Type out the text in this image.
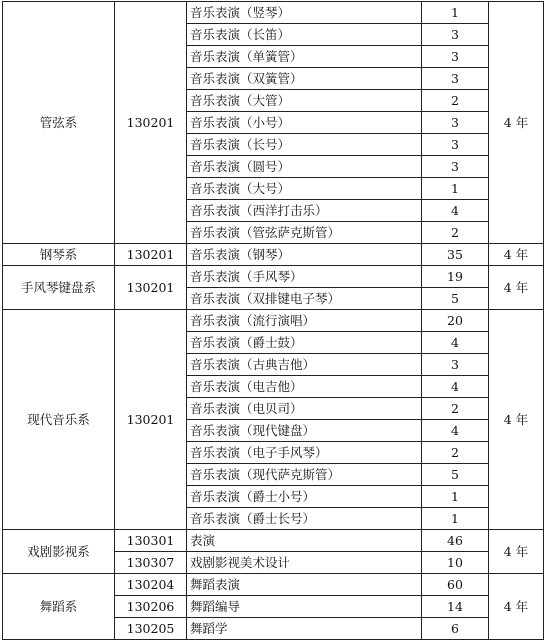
管弦系	130201	音乐表演（竖琴）	1	4 年
		音乐表演（长笛）	3	
		音乐表演（单簧管）	3	
		音乐表演（双簧管）	3	
		音乐表演（大管）	2	
		音乐表演（小号）	3	
		音乐表演（长号）	3	
		音乐表演（圆号）	3	
		音乐表演（大号）	1	
		音乐表演（西洋打击乐）	4	
		音乐表演（管弦萨克斯管）	2	
钢琴系	130201	音乐表演（钢琴）	35	4 年
手风琴键盘系	130201	音乐表演（手风琴）	19	4 年
		音乐表演（双排键电子琴）	5	
现代音乐系	130201	音乐表演（流行演唱）	20	4 年
		音乐表演（爵士鼓）	4	
		音乐表演（古典吉他）	3	
		音乐表演（电吉他）	4	
		音乐表演（电贝司）	2	
		音乐表演（现代键盘）	4	
		音乐表演（电子手风琴）	2	
		音乐表演（现代萨克斯管）	5	
		音乐表演（爵士小号）	1	
		音乐表演（爵士长号）	1	
戏剧影视系	130301	表演	46	4 年
	130307	戏剧影视美术设计	10	
舞蹈系	130204	舞蹈表演	60	4 年
	130206	舞蹈编导	14	
	130205	舞蹈学	6	
